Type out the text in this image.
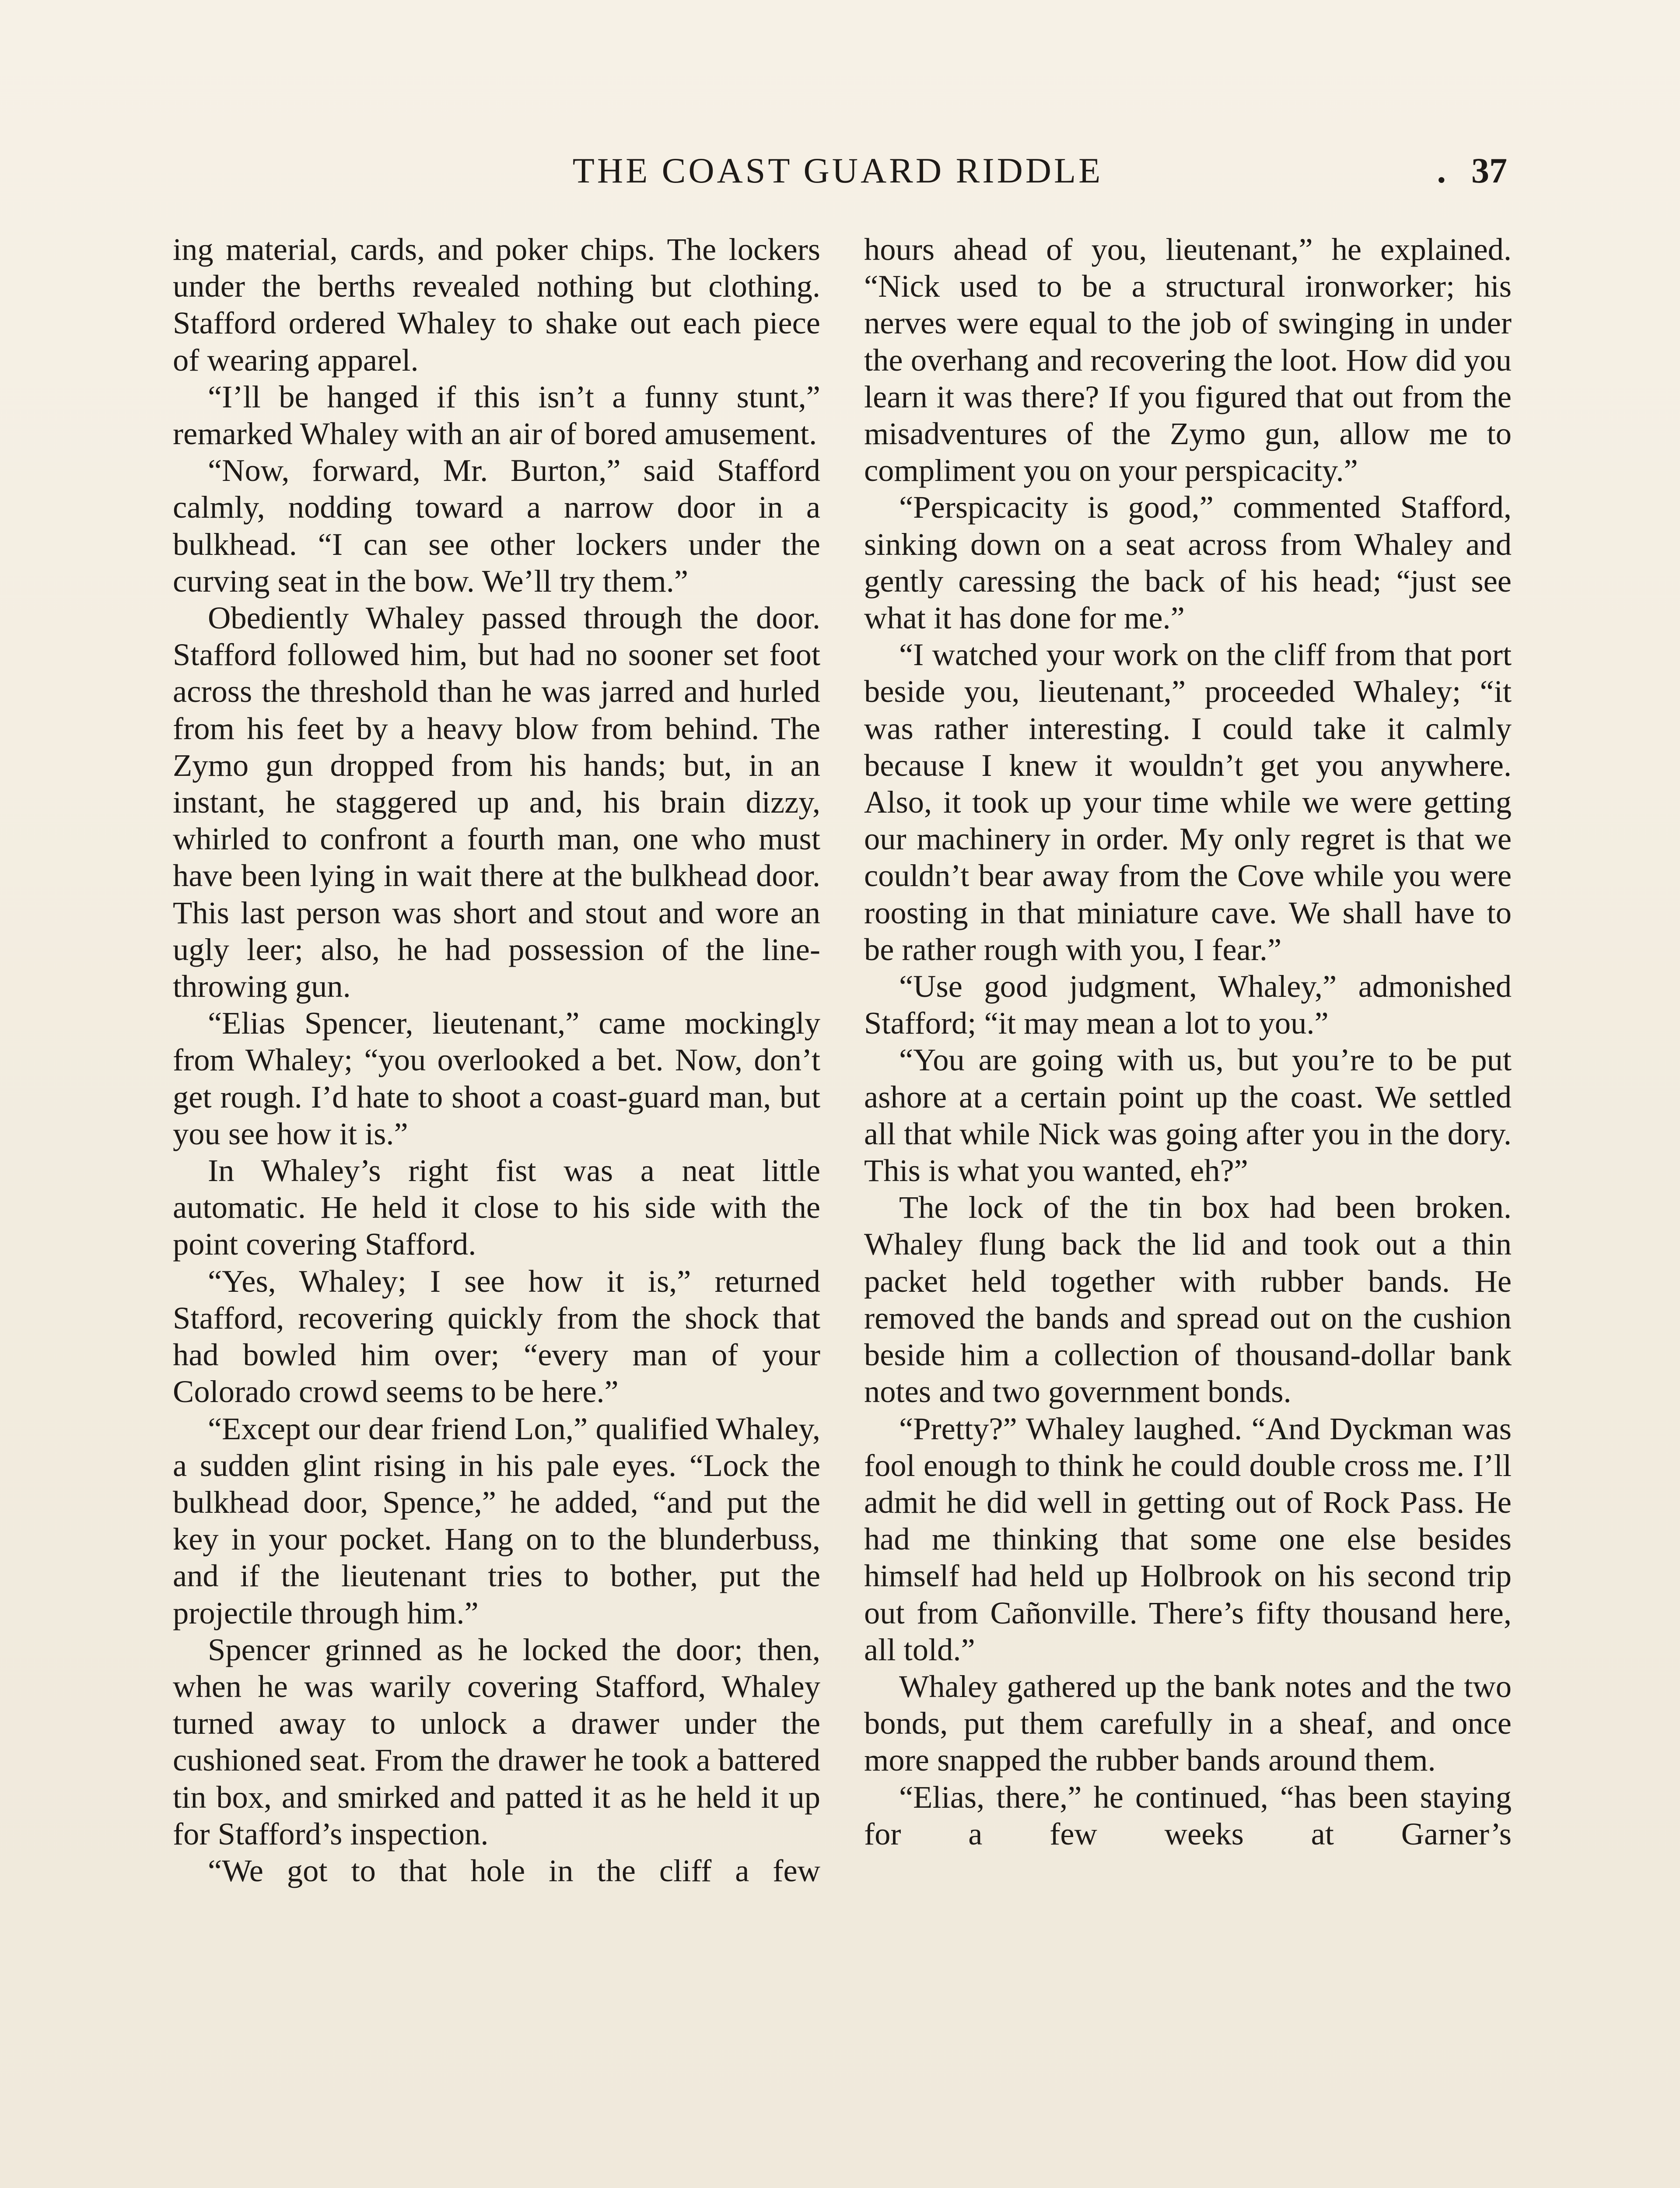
THE COAST GUARD RIDDLE	. 37

ing material, cards, and poker chips. The lockers under the berths revealed nothing but clothing. Stafford ordered Whaley to shake out each piece of wearing apparel.

“I’ll be hanged if this isn’t a funny stunt,” remarked Whaley with an air of bored amusement.

“Now, forward, Mr. Burton,” said Stafford calmly, nodding toward a narrow door in a bulkhead. “I can see other lockers under the curving seat in the bow. We’ll try them.”

Obediently Whaley passed through the door. Stafford followed him, but had no sooner set foot across the threshold than he was jarred and hurled from his feet by a heavy blow from behind. The Zymo gun dropped from his hands; but, in an instant, he staggered up and, his brain dizzy, whirled to confront a fourth man, one who must have been lying in wait there at the bulkhead door. This last person was short and stout and wore an ugly leer; also, he had possession of the line-throwing gun.

“Elias Spencer, lieutenant,” came mockingly from Whaley; “you overlooked a bet. Now, don’t get rough. I’d hate to shoot a coast-guard man, but you see how it is.”

In Whaley’s right fist was a neat little automatic. He held it close to his side with the point covering Stafford.

“Yes, Whaley; I see how it is,” returned Stafford, recovering quickly from the shock that had bowled him over; “every man of your Colorado crowd seems to be here.”

“Except our dear friend Lon,” qualified Whaley, a sudden glint rising in his pale eyes. “Lock the bulkhead door, Spence,” he added, “and put the key in your pocket. Hang on to the blunderbuss, and if the lieutenant tries to bother, put the projectile through him.”

Spencer grinned as he locked the door; then, when he was warily covering Stafford, Whaley turned away to unlock a drawer under the cushioned seat. From the drawer he took a battered tin box, and smirked and patted it as he held it up for Stafford’s inspection.

“We got to that hole in the cliff a few

hours ahead of you, lieutenant,” he explained. “Nick used to be a structural ironworker; his nerves were equal to the job of swinging in under the overhang and recovering the loot. How did you learn it was there? If you figured that out from the misadventures of the Zymo gun, allow me to compliment you on your perspicacity.”

“Perspicacity is good,” commented Stafford, sinking down on a seat across from Whaley and gently caressing the back of his head; “just see what it has done for me.”

“I watched your work on the cliff from that port beside you, lieutenant,” proceeded Whaley; “it was rather interesting. I could take it calmly because I knew it wouldn’t get you anywhere. Also, it took up your time while we were getting our machinery in order. My only regret is that we couldn’t bear away from the Cove while you were roosting in that miniature cave. We shall have to be rather rough with you, I fear.”

“Use good judgment, Whaley,” admonished Stafford; “it may mean a lot to you.”

“You are going with us, but you’re to be put ashore at a certain point up the coast. We settled all that while Nick was going after you in the dory. This is what you wanted, eh?”

The lock of the tin box had been broken. Whaley flung back the lid and took out a thin packet held together with rubber bands. He removed the bands and spread out on the cushion beside him a collection of thousand-dollar bank notes and two government bonds.

“Pretty?” Whaley laughed. “And Dyckman was fool enough to think he could double cross me. I’ll admit he did well in getting out of Rock Pass. He had me thinking that some one else besides himself had held up Holbrook on his second trip out from Cañonville. There’s fifty thousand here, all told.”

Whaley gathered up the bank notes and the two bonds, put them carefully in a sheaf, and once more snapped the rubber bands around them.

“Elias, there,” he continued, “has been staying for a few weeks at Garner’s
